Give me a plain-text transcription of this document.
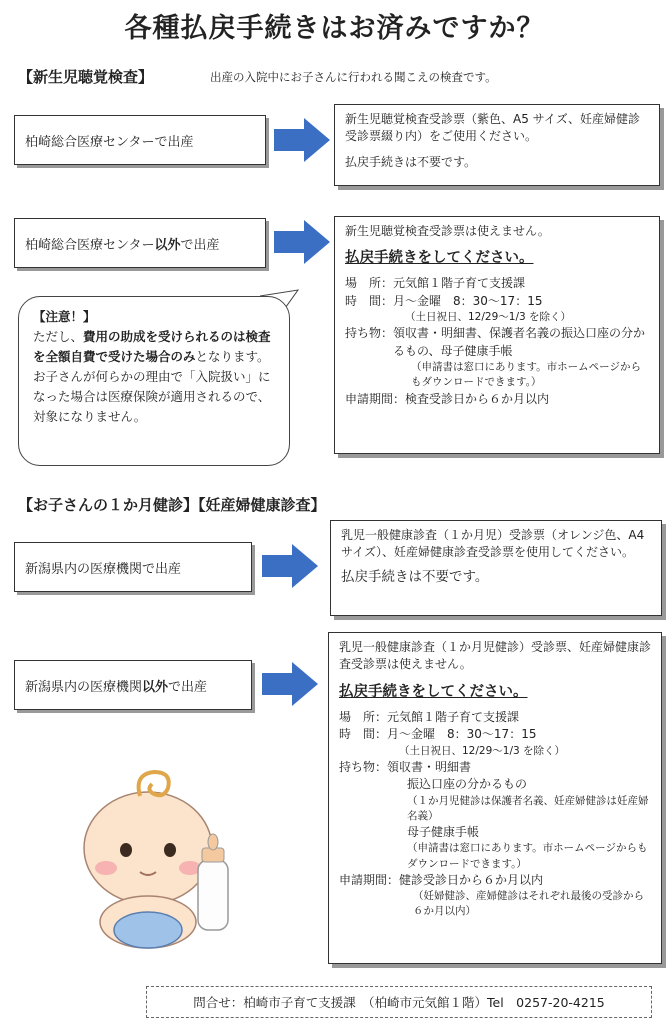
各種払戻手続きはお済みですか？
【新生児聴覚検査】	出産の入院中にお子さんに行われる聞こえの検査です。
柏崎総合医療センターで出産
新生児聴覚検査受診票（紫色、A5 サイズ、妊産婦健診受診票綴り内）をご使用ください。
払戻手続きは不要です。
柏崎総合医療センター 以外 で出産
新生児聴覚検査受診票は使えません。
払戻手続きをしてください。
場　所： 元気館１階子育て支援課
時　間： 月～金曜　8：30～17：15
（土日祝日、12/29～1/3 を除く）
持ち物： 領収書・明細書、保護者名義の振込口座の分かるもの、母子健康手帳
（申請書は窓口にあります。市ホームページからもダウンロードできます。）
申請期間： 検査受診日から６か月以内
【注意！】
ただし、費用の助成を受けられるのは検査を全額自費で受けた場合のみとなります。
お子さんが何らかの理由で「入院扱い」になった場合は医療保険が適用されるので、対象になりません。
【お子さんの１か月健診】【妊産婦健康診査】
新潟県内の医療機関で出産
乳児一般健康診査（１か月児）受診票（オレンジ色、A4 サイズ）、妊産婦健康診査受診票を使用してください。
払戻手続きは不要です。
新潟県内の医療機関 以外 で出産
乳児一般健康診査（１か月児健診）受診票、妊産婦健康診査受診票は使えません。
払戻手続きをしてください。
場　所： 元気館１階子育て支援課
時　間： 月～金曜　8：30～17：15
（土日祝日、12/29～1/3 を除く）
持ち物： 領収書・明細書
振込口座の分かるもの
（１か月児健診は保護者名義、妊産婦健診は妊産婦名義）
母子健康手帳
（申請書は窓口にあります。市ホームページからもダウンロードできます。）
申請期間： 健診受診日から６か月以内
（妊婦健診、産婦健診はそれぞれ最後の受診から６か月以内）
問合せ：柏崎市子育て支援課　（柏崎市元気館１階）Tel　0257-20-4215
